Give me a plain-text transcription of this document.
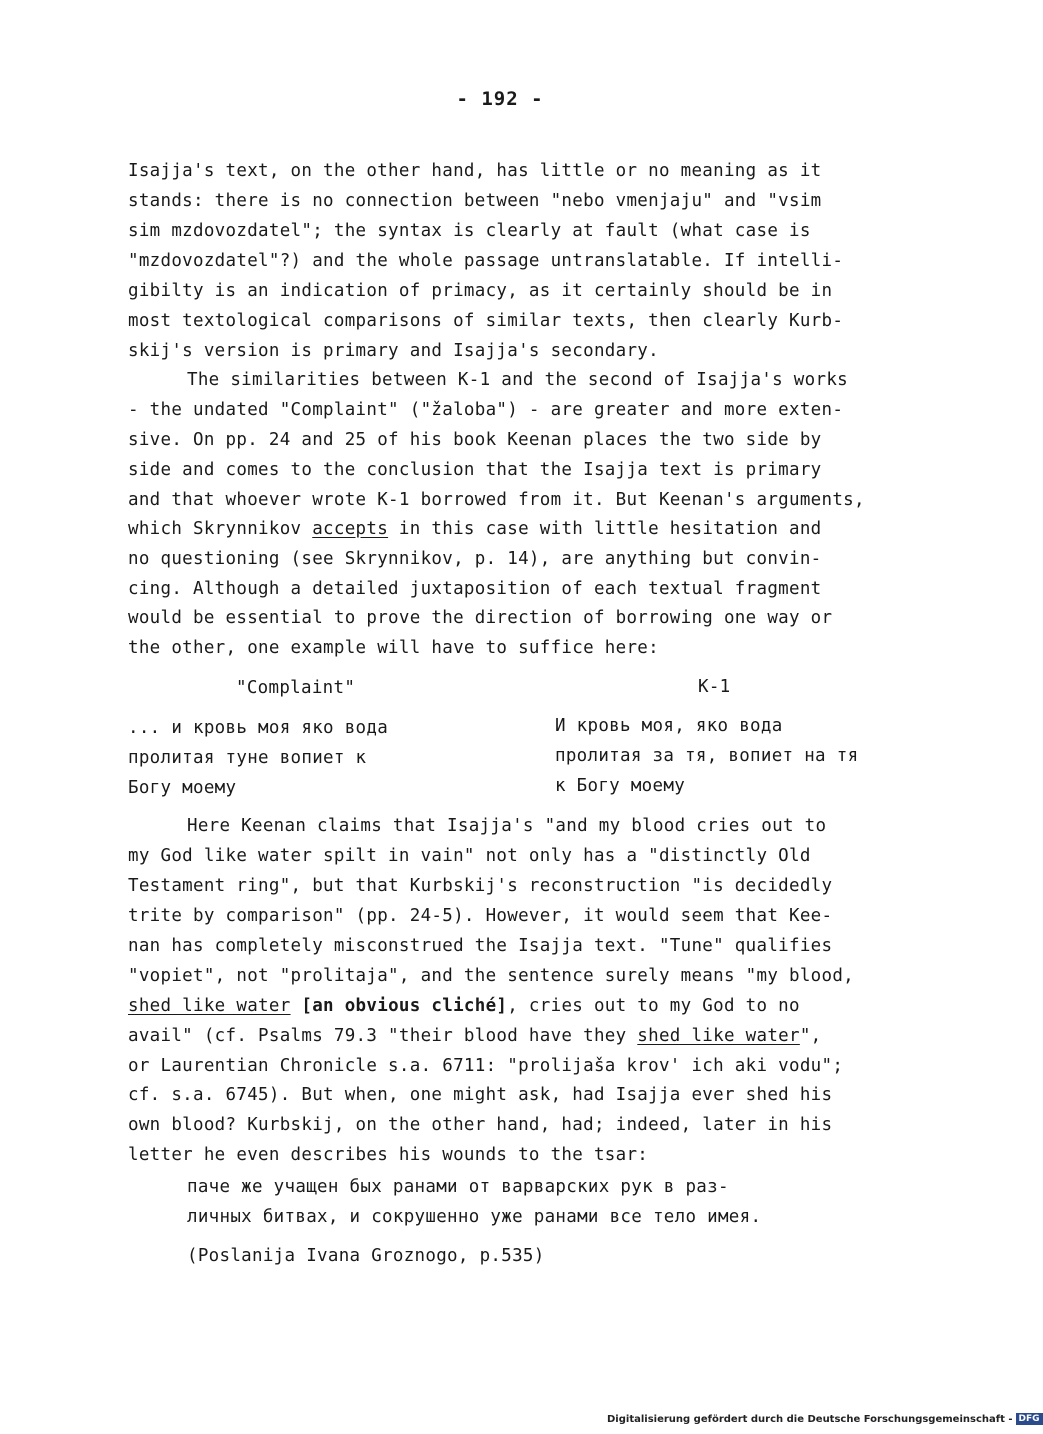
- 192 -
Isajja's text, on the other hand, has little or no meaning as it
stands: there is no connection between "nebo vmenjaju" and "vsim
sim mzdovozdatel"; the syntax is clearly at fault (what case is
"mzdovozdatel"?) and the whole passage untranslatable. If intelli-
gibilty is an indication of primacy, as it certainly should be in
most textological comparisons of similar texts, then clearly Kurb-
skij's version is primary and Isajja's secondary.
The similarities between K-1 and the second of Isajja's works
- the undated "Complaint" ("žaloba") - are greater and more exten-
sive. On pp. 24 and 25 of his book Keenan places the two side by
side and comes to the conclusion that the Isajja text is primary
and that whoever wrote K-1 borrowed from it. But Keenan's arguments,
which Skrynnikov accepts in this case with little hesitation and
no questioning (see Skrynnikov, p. 14), are anything but convin-
cing. Although a detailed juxtaposition of each textual fragment
would be essential to prove the direction of borrowing one way or
the other, one example will have to suffice here:
"Complaint"	K-1
... и кровь моя яко вода
пролитая туне вопиет к
Богу моему
И кровь моя, яко вода
пролитая за тя, вопиет на тя
к Богу моему
Here Keenan claims that Isajja's "and my blood cries out to
my God like water spilt in vain" not only has a "distinctly Old
Testament ring", but that Kurbskij's reconstruction "is decidedly
trite by comparison" (pp. 24-5). However, it would seem that Kee-
nan has completely misconstrued the Isajja text. "Tune" qualifies
"vopiet", not "prolitaja", and the sentence surely means "my blood,
shed like water [an obvious cliché], cries out to my God to no
avail" (cf. Psalms 79.3 "their blood have they shed like water",
or Laurentian Chronicle s.a. 6711: "prolijaša krov' ich aki vodu";
cf. s.a. 6745). But when, one might ask, had Isajja ever shed his
own blood? Kurbskij, on the other hand, had; indeed, later in his
letter he even describes his wounds to the tsar:
паче же учащен бых ранами от варварских рук в раз-
личных битвах, и сокрушенно уже ранами все тело имея.
(Poslanija Ivana Groznogo, p.535)
Digitalisierung gefördert durch die Deutsche Forschungsgemeinschaft - DFG
